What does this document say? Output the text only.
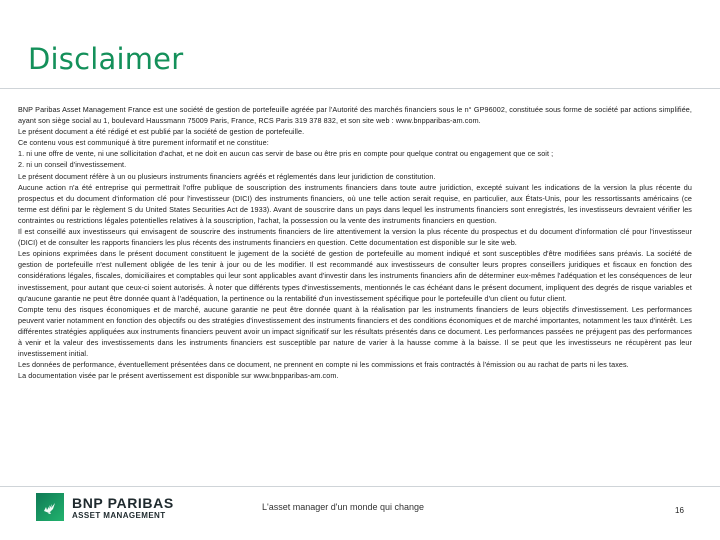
Disclaimer

BNP Paribas Asset Management France est une société de gestion de portefeuille agréée par l'Autorité des marchés financiers sous le n° GP96002, constituée sous forme de société par actions simplifiée, ayant son siège social au 1, boulevard Haussmann 75009 Paris, France, RCS Paris 319 378 832, et son site web : www.bnpparibas-am.com.

Le présent document a été rédigé et est publié par la société de gestion de portefeuille.

Ce contenu vous est communiqué à titre purement informatif et ne constitue:

1. ni une offre de vente, ni une sollicitation d'achat, et ne doit en aucun cas servir de base ou être pris en compte pour quelque contrat ou engagement que ce soit ;

2. ni un conseil d'investissement.

Le présent document réfère à un ou plusieurs instruments financiers agréés et réglementés dans leur juridiction de constitution.

Aucune action n'a été entreprise qui permettrait l'offre publique de souscription des instruments financiers dans toute autre juridiction, excepté suivant les indications de la version la plus récente du prospectus et du document d'information clé pour l'investisseur (DICI) des instruments financiers, où une telle action serait requise, en particulier, aux États-Unis, pour les ressortissants américains (ce terme est défini par le règlement S du United States Securities Act de 1933). Avant de souscrire dans un pays dans lequel les instruments financiers sont enregistrés, les investisseurs devraient vérifier les contraintes ou restrictions légales potentielles relatives à la souscription, l'achat, la possession ou la vente des instruments financiers en question.

Il est conseillé aux investisseurs qui envisagent de souscrire des instruments financiers de lire attentivement la version la plus récente du prospectus et du document d'information clé pour l'investisseur (DICI) et de consulter les rapports financiers les plus récents des instruments financiers en question. Cette documentation est disponible sur le site web.

Les opinions exprimées dans le présent document constituent le jugement de la société de gestion de portefeuille au moment indiqué et sont susceptibles d'être modifiées sans préavis. La société de gestion de portefeuille n'est nullement obligée de les tenir à jour ou de les modifier. Il est recommandé aux investisseurs de consulter leurs propres conseillers juridiques et fiscaux en fonction des considérations légales, fiscales, domiciliaires et comptables qui leur sont applicables avant d'investir dans les instruments financiers afin de déterminer eux-mêmes l'adéquation et les conséquences de leur investissement, pour autant que ceux-ci soient autorisés. À noter que différents types d'investissements, mentionnés le cas échéant dans le présent document, impliquent des degrés de risque variables et qu'aucune garantie ne peut être donnée quant à l'adéquation, la pertinence ou la rentabilité d'un investissement spécifique pour le portefeuille d'un client ou futur client.

Compte tenu des risques économiques et de marché, aucune garantie ne peut être donnée quant à la réalisation par les instruments financiers de leurs objectifs d'investissement. Les performances peuvent varier notamment en fonction des objectifs ou des stratégies d'investissement des instruments financiers et des conditions économiques et de marché importantes, notamment les taux d'intérêt. Les différentes stratégies appliquées aux instruments financiers peuvent avoir un impact significatif sur les résultats présentés dans ce document. Les performances passées ne préjugent pas des performances à venir et la valeur des investissements dans les instruments financiers est susceptible par nature de varier à la hausse comme à la baisse. Il se peut que les investisseurs ne récupèrent pas leur investissement initial.

Les données de performance, éventuellement présentées dans ce document, ne prennent en compte ni les commissions et frais contractés à l'émission ou au rachat de parts ni les taxes.

La documentation visée par le présent avertissement est disponible sur www.bnpparibas-am.com.

BNP PARIBAS
ASSET MANAGEMENT
L'asset manager d'un monde qui change	16
